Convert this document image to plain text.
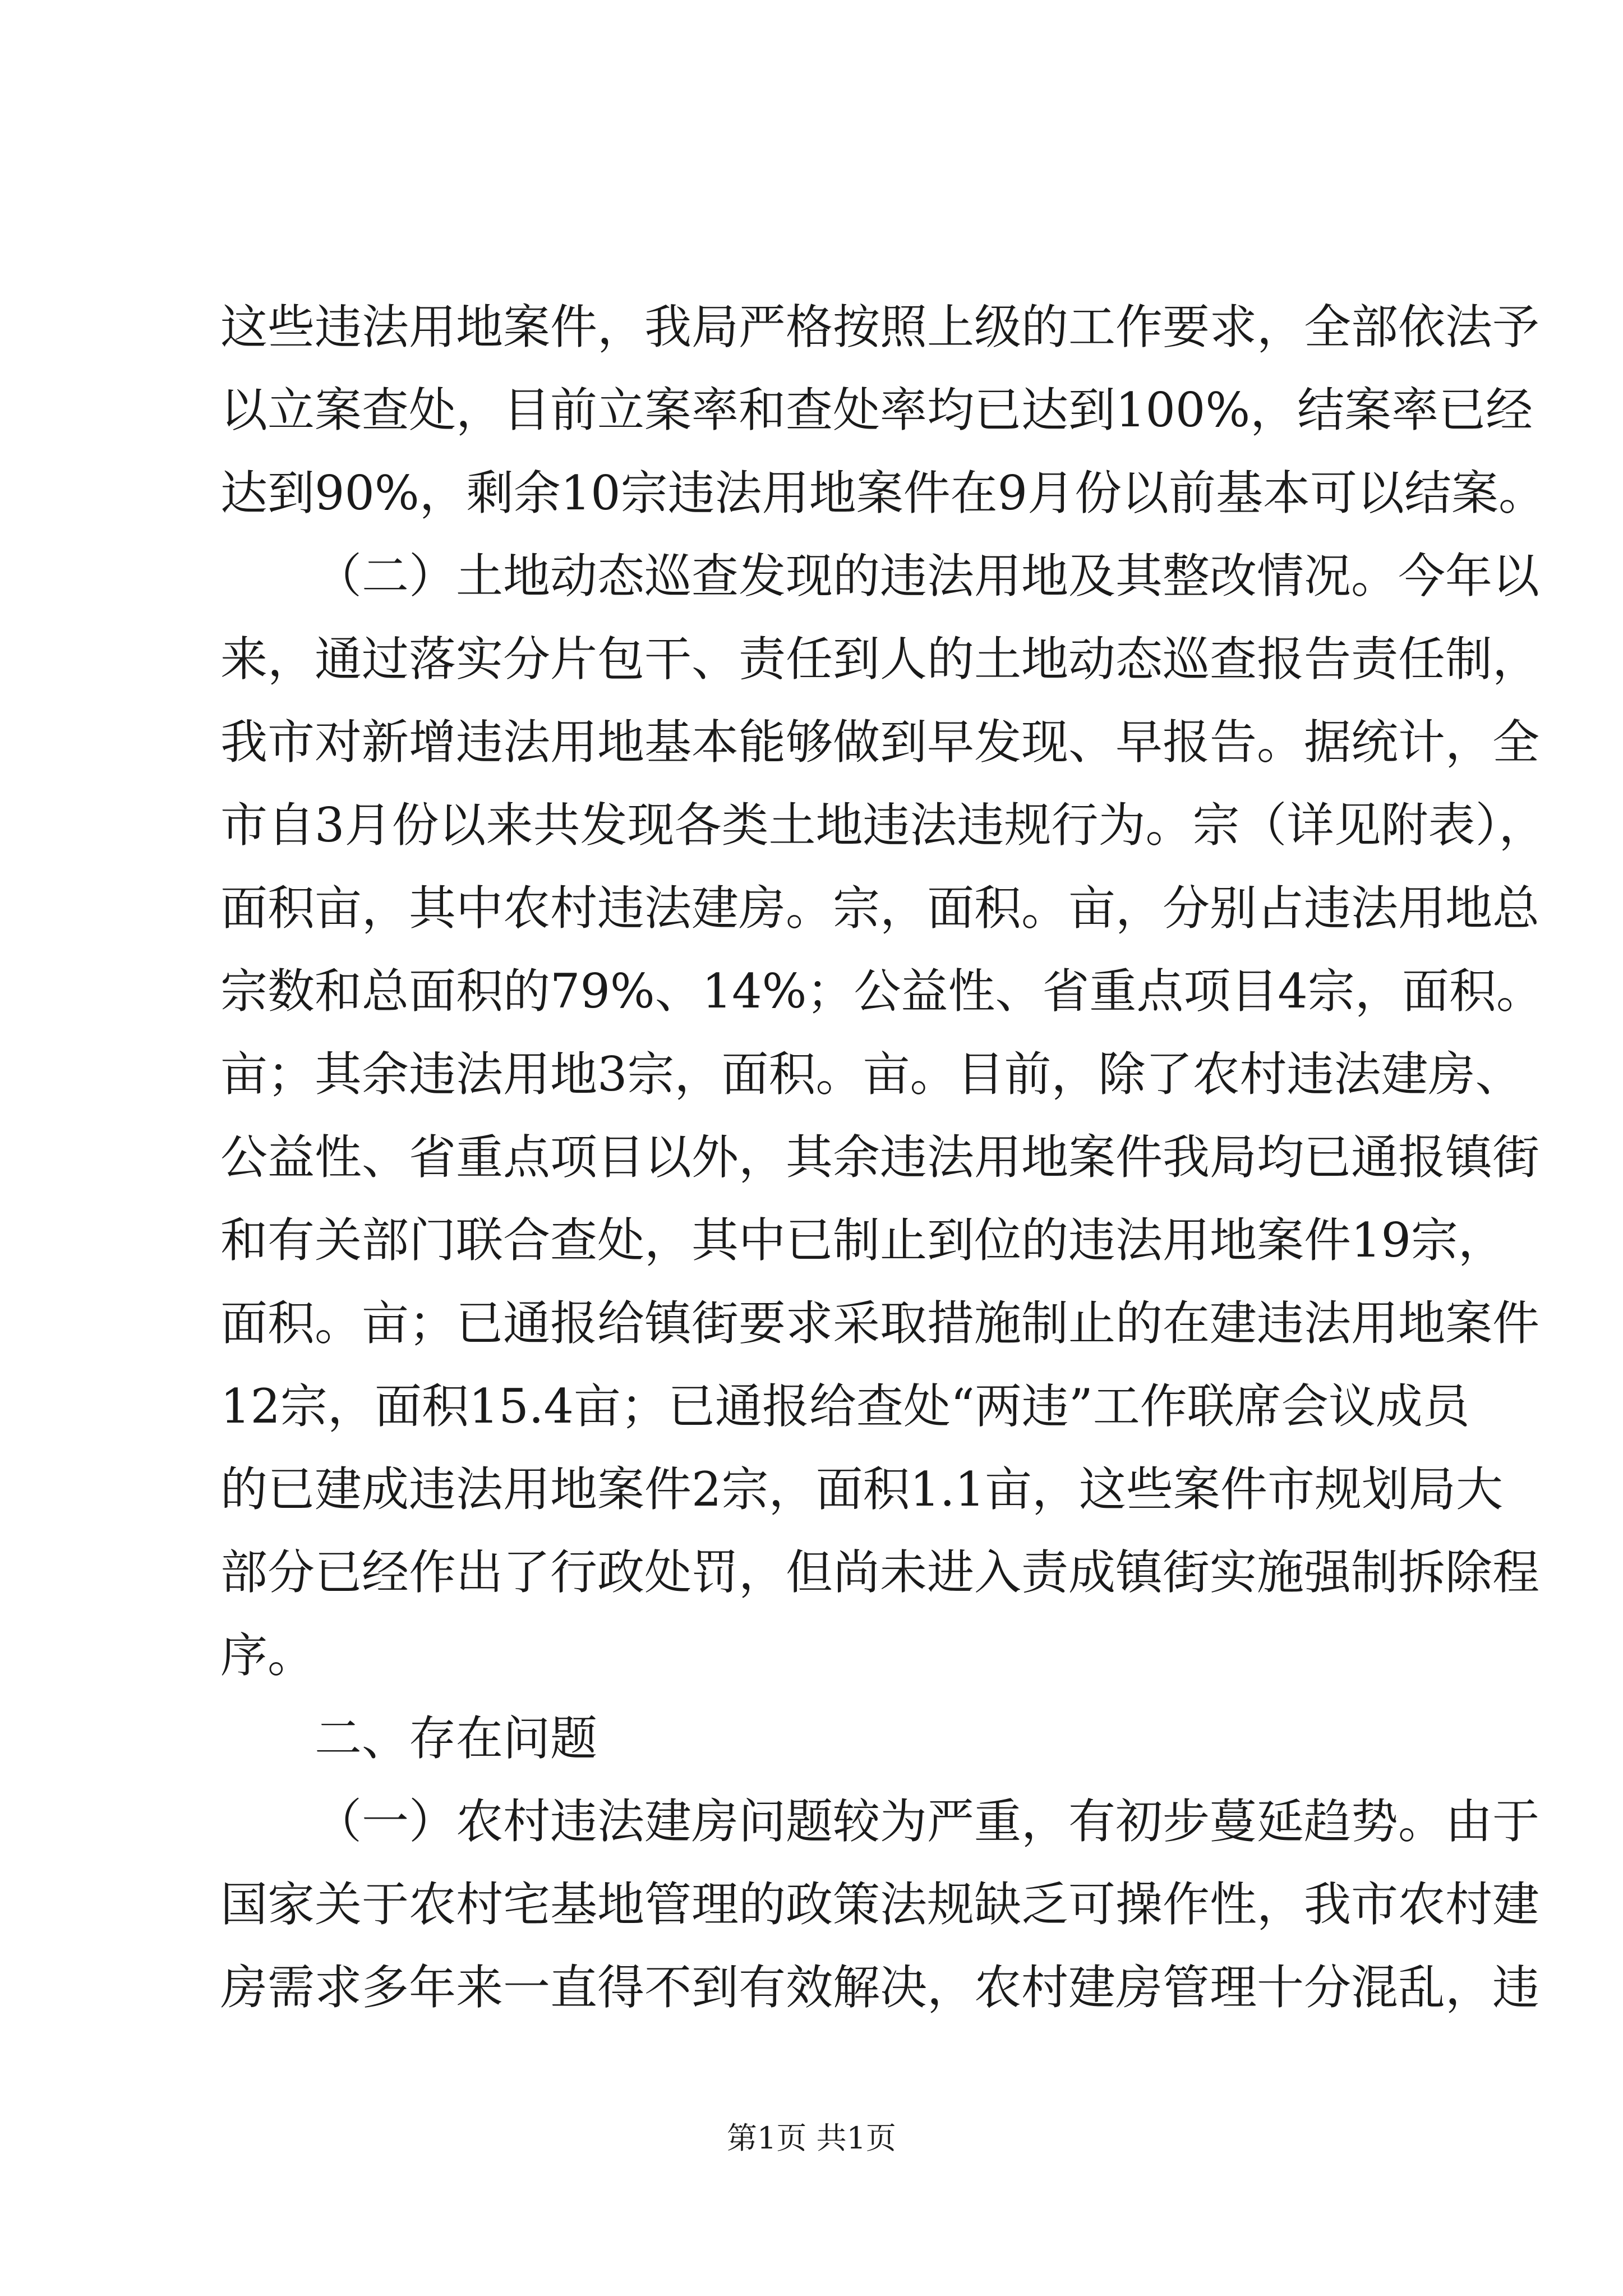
这些违法用地案件，我局严格按照上级的工作要求，全部依法予
以立案查处，目前立案率和查处率均已达到100%，结案率已经
达到90%，剩余10宗违法用地案件在9月份以前基本可以结案。
（二）土地动态巡查发现的违法用地及其整改情况。今年以
来，通过落实分片包干、责任到人的土地动态巡查报告责任制，
我市对新增违法用地基本能够做到早发现、早报告。据统计，全
市自3月份以来共发现各类土地违法违规行为。宗（详见附表），
面积亩，其中农村违法建房。宗，面积。亩，分别占违法用地总
宗数和总面积的79%、14%；公益性、省重点项目4宗，面积。
亩；其余违法用地3宗，面积。亩。目前，除了农村违法建房、
公益性、省重点项目以外，其余违法用地案件我局均已通报镇街
和有关部门联合查处，其中已制止到位的违法用地案件19宗，
面积。亩；已通报给镇街要求采取措施制止的在建违法用地案件
12宗，面积15.4亩；已通报给查处“两违”工作联席会议成员
的已建成违法用地案件2宗，面积1.1亩，这些案件市规划局大
部分已经作出了行政处罚，但尚未进入责成镇街实施强制拆除程
序。
二、存在问题
（一）农村违法建房问题较为严重，有初步蔓延趋势。由于
国家关于农村宅基地管理的政策法规缺乏可操作性，我市农村建
房需求多年来一直得不到有效解决，农村建房管理十分混乱，违
第1页 共1页
